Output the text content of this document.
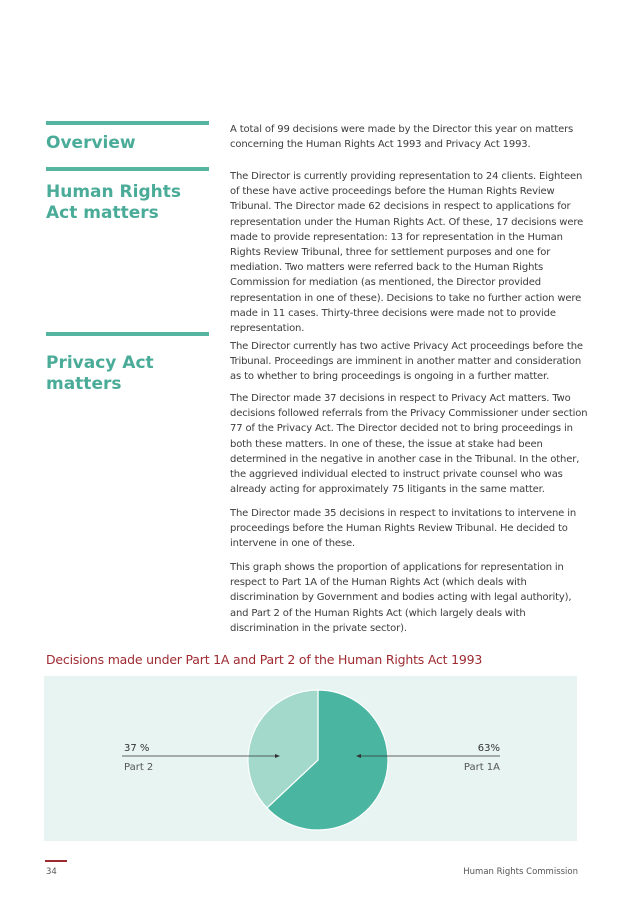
Overview

A total of 99 decisions were made by the Director this year on matters concerning the Human Rights Act 1993 and Privacy Act 1993.

Human Rights Act matters

The Director is currently providing representation to 24 clients. Eighteen of these have active proceedings before the Human Rights Review Tribunal. The Director made 62 decisions in respect to applications for representation under the Human Rights Act. Of these, 17 decisions were made to provide representation: 13 for representation in the Human Rights Review Tribunal, three for settlement purposes and one for mediation. Two matters were referred back to the Human Rights Commission for mediation (as mentioned, the Director provided representation in one of these). Decisions to take no further action were made in 11 cases. Thirty-three decisions were made not to provide representation.

Privacy Act matters

The Director currently has two active Privacy Act proceedings before the Tribunal. Proceedings are imminent in another matter and consideration as to whether to bring proceedings is ongoing in a further matter.

The Director made 37 decisions in respect to Privacy Act matters. Two decisions followed referrals from the Privacy Commissioner under section 77 of the Privacy Act. The Director decided not to bring proceedings in both these matters. In one of these, the issue at stake had been determined in the negative in another case in the Tribunal. In the other, the aggrieved individual elected to instruct private counsel who was already acting for approximately 75 litigants in the same matter.

The Director made 35 decisions in respect to invitations to intervene in proceedings before the Human Rights Review Tribunal. He decided to intervene in one of these.

This graph shows the proportion of applications for representation in respect to Part 1A of the Human Rights Act (which deals with discrimination by Government and bodies acting with legal authority), and Part 2 of the Human Rights Act (which largely deals with discrimination in the private sector).

Decisions made under Part 1A and Part 2 of the Human Rights Act 1993

37 %
Part 2
63%
Part 1A
34	Human Rights Commission
